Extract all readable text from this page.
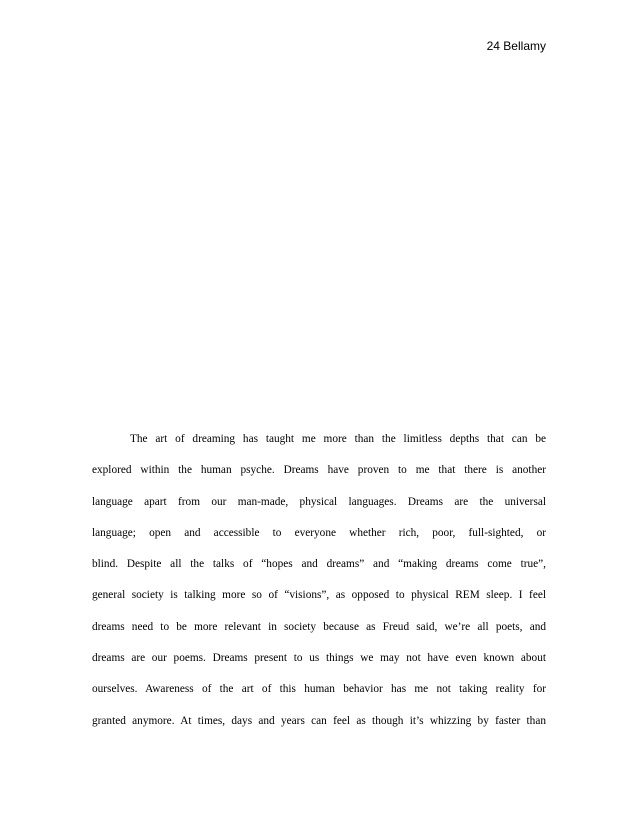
24 Bellamy
The art of dreaming has taught me more than the limitless depths that can be
explored within the human psyche. Dreams have proven to me that there is another
language apart from our man-made, physical languages. Dreams are the universal
language; open and accessible to everyone whether rich, poor, full-sighted, or
blind. Despite all the talks of “hopes and dreams” and “making dreams come true”,
general society is talking more so of “visions”, as opposed to physical REM sleep. I feel
dreams need to be more relevant in society because as Freud said, we’re all poets, and
dreams are our poems. Dreams present to us things we may not have even known about
ourselves. Awareness of the art of this human behavior has me not taking reality for
granted anymore. At times, days and years can feel as though it’s whizzing by faster than
